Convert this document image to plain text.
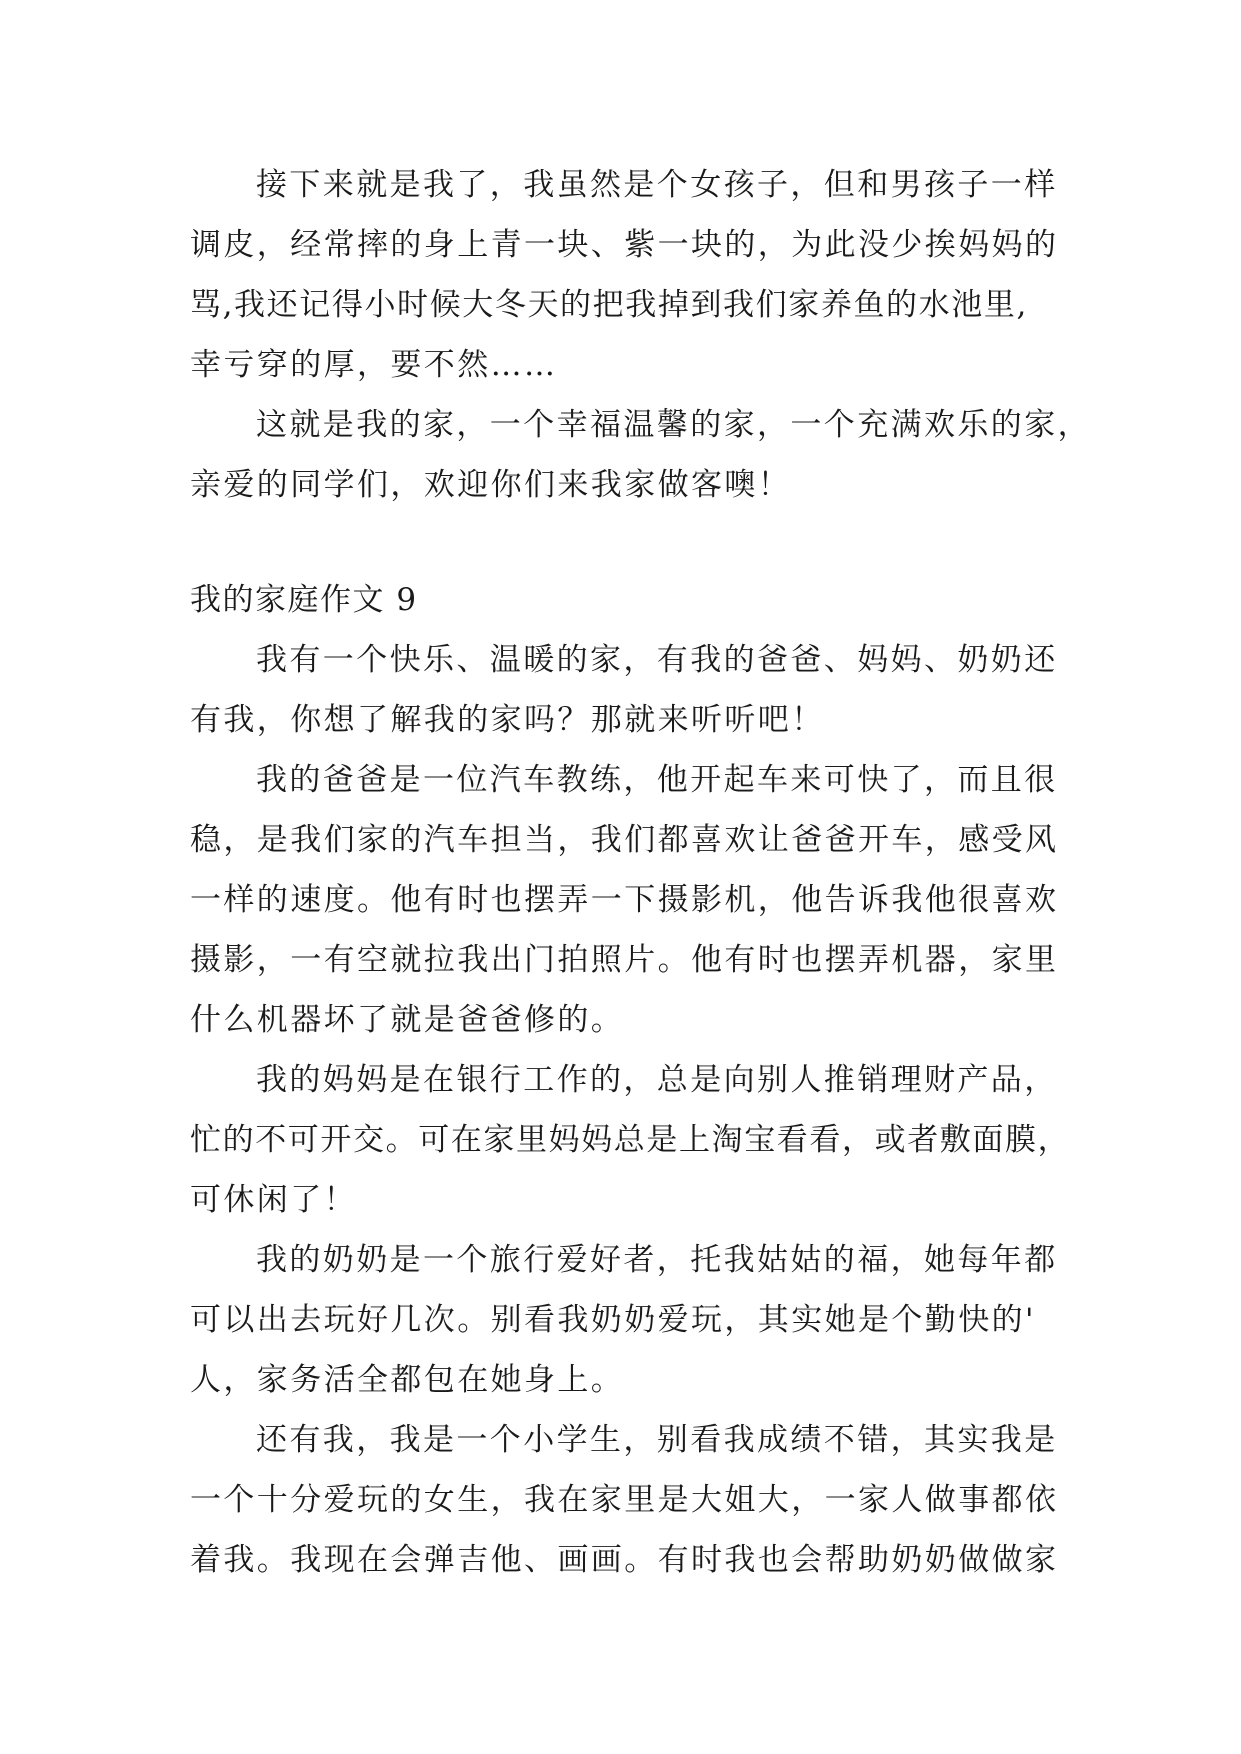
接下来就是我了，我虽然是个女孩子，但和男孩子一样
调皮，经常摔的身上青一块、紫一块的，为此没少挨妈妈的
骂,我还记得小时候大冬天的把我掉到我们家养鱼的水池里,
幸亏穿的厚，要不然……
这就是我的家，一个幸福温馨的家，一个充满欢乐的家，
亲爱的同学们，欢迎你们来我家做客噢！
我的家庭作文 9
我有一个快乐、温暖的家，有我的爸爸、妈妈、奶奶还
有我，你想了解我的家吗？那就来听听吧！
我的爸爸是一位汽车教练，他开起车来可快了，而且很
稳，是我们家的汽车担当，我们都喜欢让爸爸开车，感受风
一样的速度。他有时也摆弄一下摄影机，他告诉我他很喜欢
摄影，一有空就拉我出门拍照片。他有时也摆弄机器，家里
什么机器坏了就是爸爸修的。
我的妈妈是在银行工作的，总是向别人推销理财产品，
忙的不可开交。可在家里妈妈总是上淘宝看看，或者敷面膜，
可休闲了！
我的奶奶是一个旅行爱好者，托我姑姑的福，她每年都
可以出去玩好几次。别看我奶奶爱玩，其实她是个勤快的'
人，家务活全都包在她身上。
还有我，我是一个小学生，别看我成绩不错，其实我是
一个十分爱玩的女生，我在家里是大姐大，一家人做事都依
着我。我现在会弹吉他、画画。有时我也会帮助奶奶做做家
